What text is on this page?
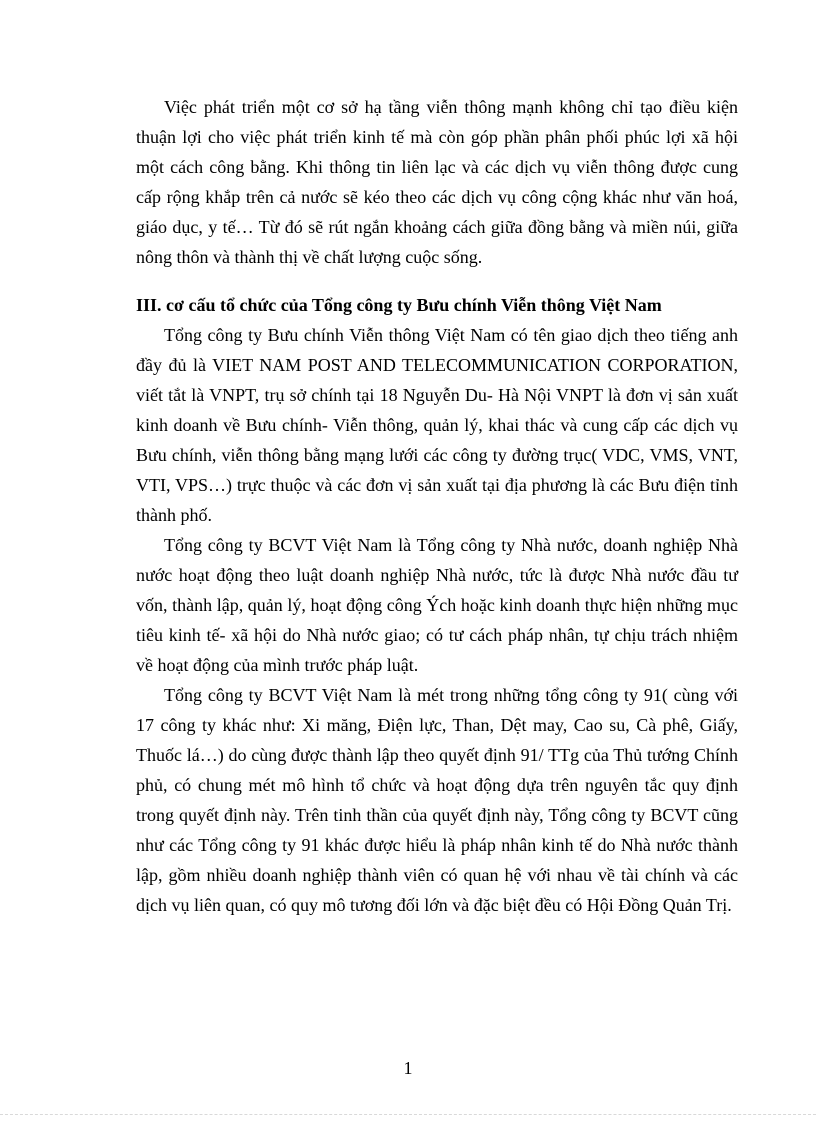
Việc phát triển một cơ sở hạ tầng viễn thông mạnh không chỉ tạo điều kiện thuận lợi cho việc phát triển kinh tế mà còn góp phần phân phối phúc lợi xã hội một cách công bằng. Khi thông tin liên lạc và các dịch vụ viễn thông được cung cấp rộng khắp trên cả nước sẽ kéo theo các dịch vụ công cộng khác như văn hoá, giáo dục, y tế… Từ đó sẽ rút ngắn khoảng cách giữa đồng bằng và miền núi, giữa nông thôn và thành thị về chất lượng cuộc sống.

III. cơ cấu tổ chức của Tổng công ty Bưu chính Viễn thông Việt Nam

Tổng công ty Bưu chính Viễn thông Việt Nam có tên giao dịch theo tiếng anh đầy đủ là VIET NAM POST AND TELECOMMUNICATION CORPORATION, viết tắt là VNPT, trụ sở chính tại 18 Nguyễn Du- Hà Nội VNPT là đơn vị sản xuất kinh doanh về Bưu chính- Viễn thông, quản lý, khai thác và cung cấp các dịch vụ Bưu chính, viễn thông bằng mạng lưới các công ty đường trục( VDC, VMS, VNT, VTI, VPS…) trực thuộc và các đơn vị sản xuất tại địa phương là các Bưu điện tỉnh thành phố.

Tổng công ty BCVT Việt Nam là Tổng công ty Nhà nước, doanh nghiệp Nhà nước hoạt động theo luật doanh nghiệp Nhà nước, tức là được Nhà nước đầu tư vốn, thành lập, quản lý, hoạt động công Ých hoặc kinh doanh thực hiện những mục tiêu kinh tế- xã hội do Nhà nước giao; có tư cách pháp nhân, tự chịu trách nhiệm về hoạt động của mình trước pháp luật.

Tổng công ty BCVT Việt Nam là mét trong những tổng công ty 91( cùng với 17 công ty khác như: Xi măng, Điện lực, Than, Dệt may, Cao su, Cà phê, Giấy, Thuốc lá…) do cùng được thành lập theo quyết định 91/ TTg của Thủ tướng Chính phủ, có chung mét mô hình tổ chức và hoạt động dựa trên nguyên tắc quy định trong quyết định này. Trên tinh thần của quyết định này, Tổng công ty BCVT cũng như các Tổng công ty 91 khác được hiểu là pháp nhân kinh tế do Nhà nước thành lập, gồm nhiều doanh nghiệp thành viên có quan hệ với nhau về tài chính và các dịch vụ liên quan, có quy mô tương đối lớn và đặc biệt đều có Hội Đồng Quản Trị.

1
